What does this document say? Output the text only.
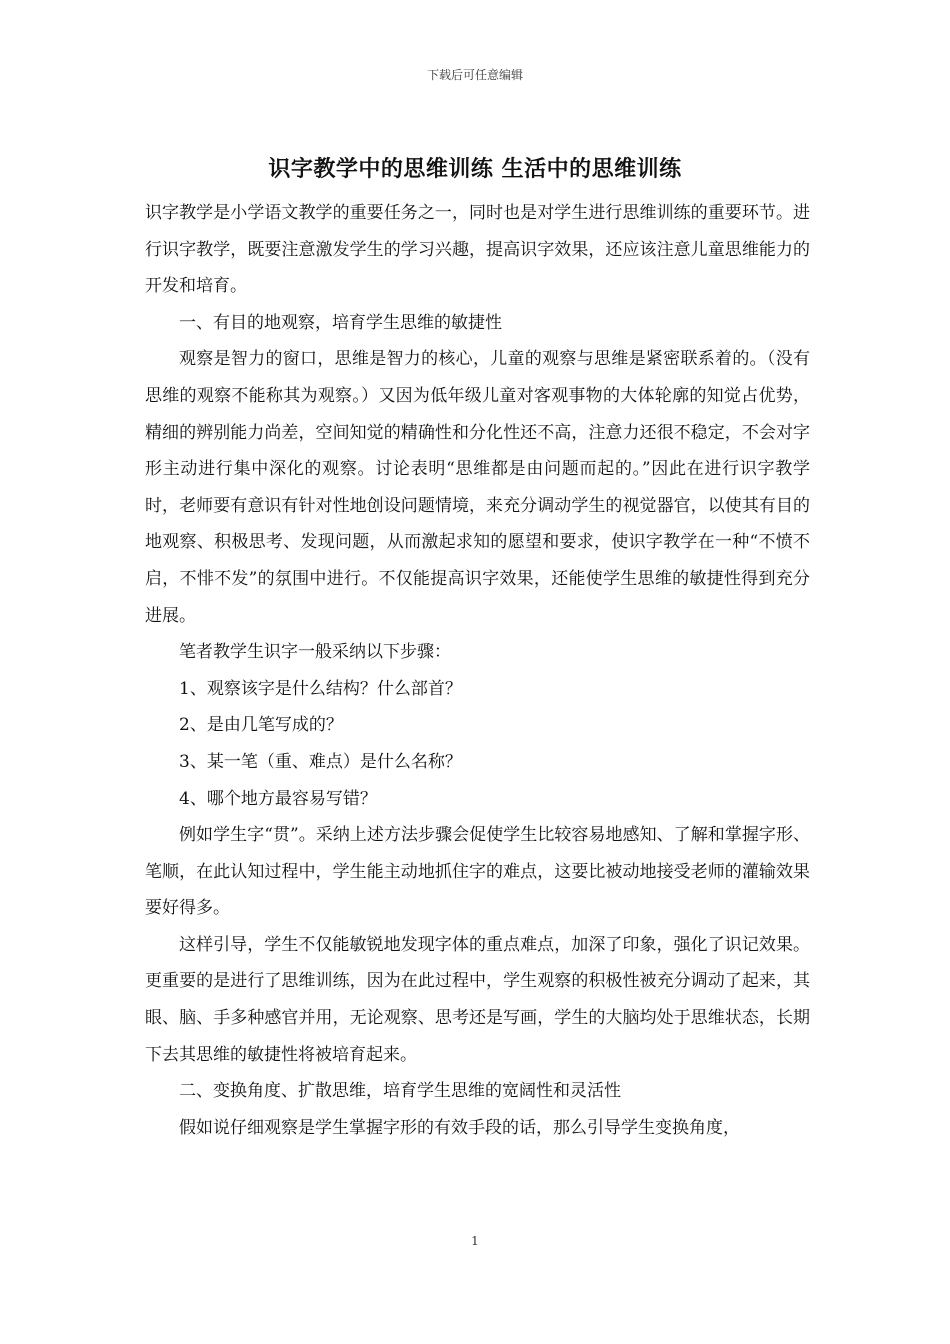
下载后可任意编辑
识字教学中的思维训练 生活中的思维训练

识字教学是小学语文教学的重要任务之一，同时也是对学生进行思维训练的重要环节。进行识字教学，既要注意激发学生的学习兴趣，提高识字效果，还应该注意儿童思维能力的开发和培育。

一、有目的地观察，培育学生思维的敏捷性

观察是智力的窗口，思维是智力的核心，儿童的观察与思维是紧密联系着的。（没有思维的观察不能称其为观察。）又因为低年级儿童对客观事物的大体轮廓的知觉占优势，精细的辨别能力尚差，空间知觉的精确性和分化性还不高，注意力还很不稳定，不会对字形主动进行集中深化的观察。讨论表明“思维都是由问题而起的。”因此在进行识字教学时，老师要有意识有针对性地创设问题情境，来充分调动学生的视觉器官，以使其有目的地观察、积极思考、发现问题，从而激起求知的愿望和要求，使识字教学在一种“不愤不启，不悱不发”的氛围中进行。不仅能提高识字效果，还能使学生思维的敏捷性得到充分进展。

笔者教学生识字一般采纳以下步骤：

1、观察该字是什么结构？什么部首？

2、是由几笔写成的？

3、某一笔（重、难点）是什么名称？

4、哪个地方最容易写错？

例如学生字“贯”。采纳上述方法步骤会促使学生比较容易地感知、了解和掌握字形、笔顺，在此认知过程中，学生能主动地抓住字的难点，这要比被动地接受老师的灌输效果要好得多。

这样引导，学生不仅能敏锐地发现字体的重点难点，加深了印象，强化了识记效果。更重要的是进行了思维训练，因为在此过程中，学生观察的积极性被充分调动了起来，其眼、脑、手多种感官并用，无论观察、思考还是写画，学生的大脑均处于思维状态，长期下去其思维的敏捷性将被培育起来。

二、变换角度、扩散思维，培育学生思维的宽阔性和灵活性

假如说仔细观察是学生掌握字形的有效手段的话，那么引导学生变换角度，

1
